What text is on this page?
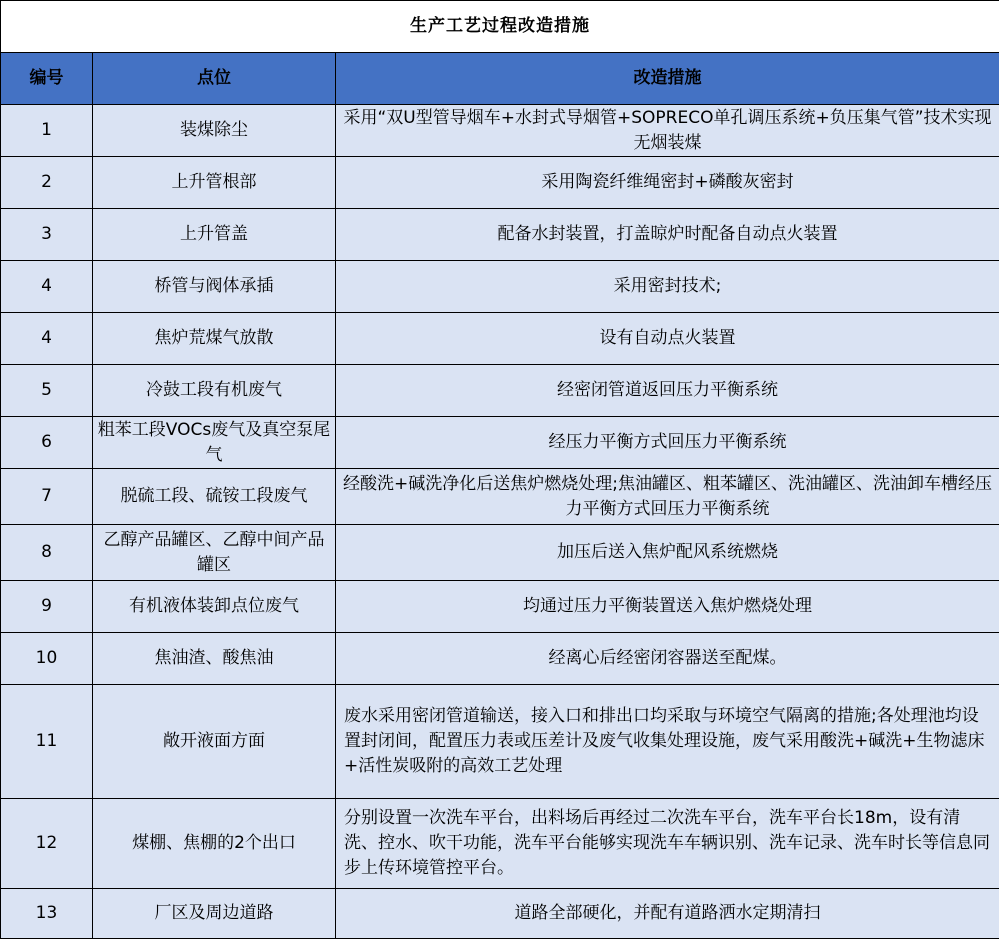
生产工艺过程改造措施		
编号	点位	改造措施
1	装煤除尘	采用“双U型管导烟车+水封式导烟管+SOPRECO单孔调压系统+负压集气管”技术实现无烟装煤
2	上升管根部	采用陶瓷纤维绳密封+磷酸灰密封
3	上升管盖	配备水封装置，打盖晾炉时配备自动点火装置
4	桥管与阀体承插	采用密封技术;
4	焦炉荒煤气放散	设有自动点火装置
5	冷鼓工段有机废气	经密闭管道返回压力平衡系统
6	粗苯工段VOCs废气及真空泵尾气	经压力平衡方式回压力平衡系统
7	脱硫工段、硫铵工段废气	经酸洗+碱洗净化后送焦炉燃烧处理;焦油罐区、粗苯罐区、洗油罐区、洗油卸车槽经压力平衡方式回压力平衡系统
8	乙醇产品罐区、乙醇中间产品罐区	加压后送入焦炉配风系统燃烧
9	有机液体装卸点位废气	均通过压力平衡装置送入焦炉燃烧处理
10	焦油渣、酸焦油	经离心后经密闭容器送至配煤。
11	敞开液面方面	废水采用密闭管道输送，接入口和排出口均采取与环境空气隔离的措施;各处理池均设置封闭间，配置压力表或压差计及废气收集处理设施，废气采用酸洗+碱洗+生物滤床+活性炭吸附的高效工艺处理
12	煤棚、焦棚的2个出口	分别设置一次洗车平台，出料场后再经过二次洗车平台，洗车平台长18m，设有清洗、控水、吹干功能，洗车平台能够实现洗车车辆识别、洗车记录、洗车时长等信息同步上传环境管控平台。
13	厂区及周边道路	道路全部硬化，并配有道路洒水定期清扫
